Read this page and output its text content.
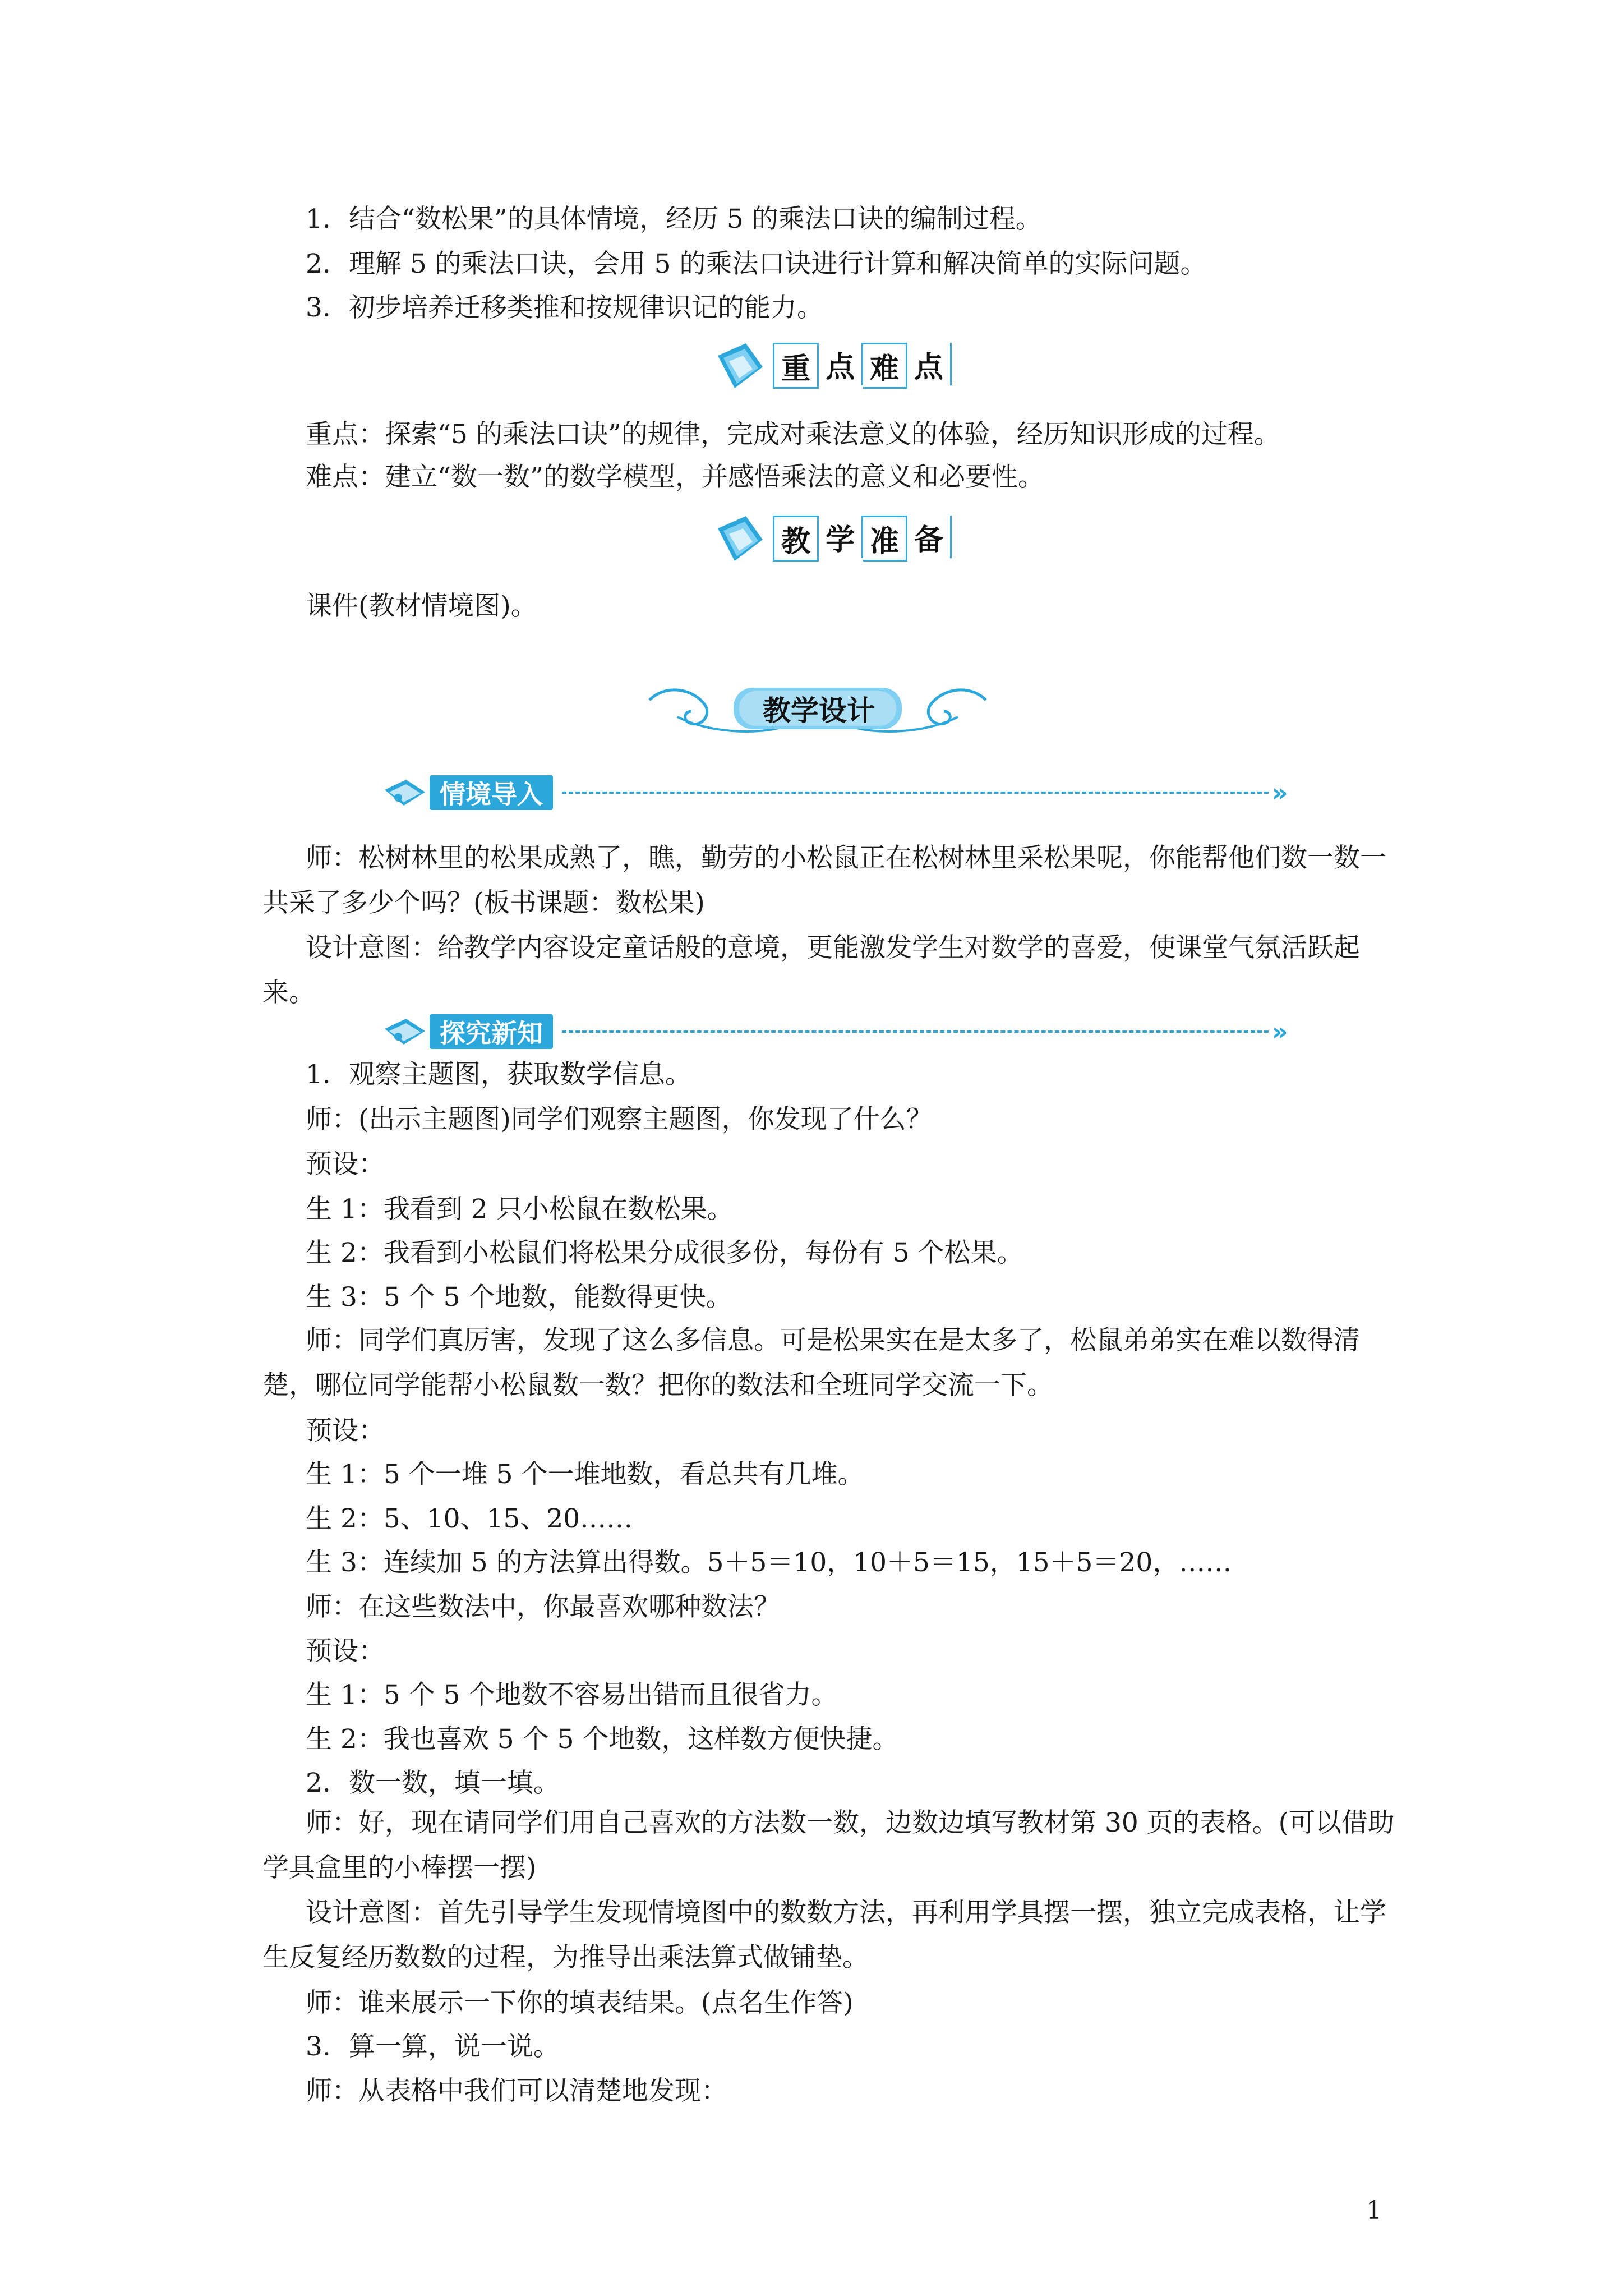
1．结合“数松果”的具体情境，经历 5 的乘法口诀的编制过程。
2．理解 5 的乘法口诀，会用 5 的乘法口诀进行计算和解决简单的实际问题。
3．初步培养迁移类推和按规律识记的能力。
重 点 难 点
重点：探索“5 的乘法口诀”的规律，完成对乘法意义的体验，经历知识形成的过程。
难点：建立“数一数”的数学模型，并感悟乘法的意义和必要性。
教 学 准 备
课件(教材情境图)。
教学设计
情境导入	»
师：松树林里的松果成熟了，瞧，勤劳的小松鼠正在松树林里采松果呢，你能帮他们数一数一共采了多少个吗？(板书课题：数松果)
设计意图：给教学内容设定童话般的意境，更能激发学生对数学的喜爱，使课堂气氛活跃起来。
探究新知	»
1．观察主题图，获取数学信息。
师：(出示主题图)同学们观察主题图，你发现了什么？
预设：
生 1：我看到 2 只小松鼠在数松果。
生 2：我看到小松鼠们将松果分成很多份，每份有 5 个松果。
生 3：5 个 5 个地数，能数得更快。
师：同学们真厉害，发现了这么多信息。可是松果实在是太多了，松鼠弟弟实在难以数得清楚，哪位同学能帮小松鼠数一数？把你的数法和全班同学交流一下。
预设：
生 1：5 个一堆 5 个一堆地数，看总共有几堆。
生 2：5、10、15、20……
生 3：连续加 5 的方法算出得数。5＋5＝10，10＋5＝15，15＋5＝20，……
师：在这些数法中，你最喜欢哪种数法？
预设：
生 1：5 个 5 个地数不容易出错而且很省力。
生 2：我也喜欢 5 个 5 个地数，这样数方便快捷。
2．数一数，填一填。
师：好，现在请同学们用自己喜欢的方法数一数，边数边填写教材第 30 页的表格。(可以借助学具盒里的小棒摆一摆)
设计意图：首先引导学生发现情境图中的数数方法，再利用学具摆一摆，独立完成表格，让学生反复经历数数的过程，为推导出乘法算式做铺垫。
师：谁来展示一下你的填表结果。(点名生作答)
3．算一算，说一说。
师：从表格中我们可以清楚地发现：
1
